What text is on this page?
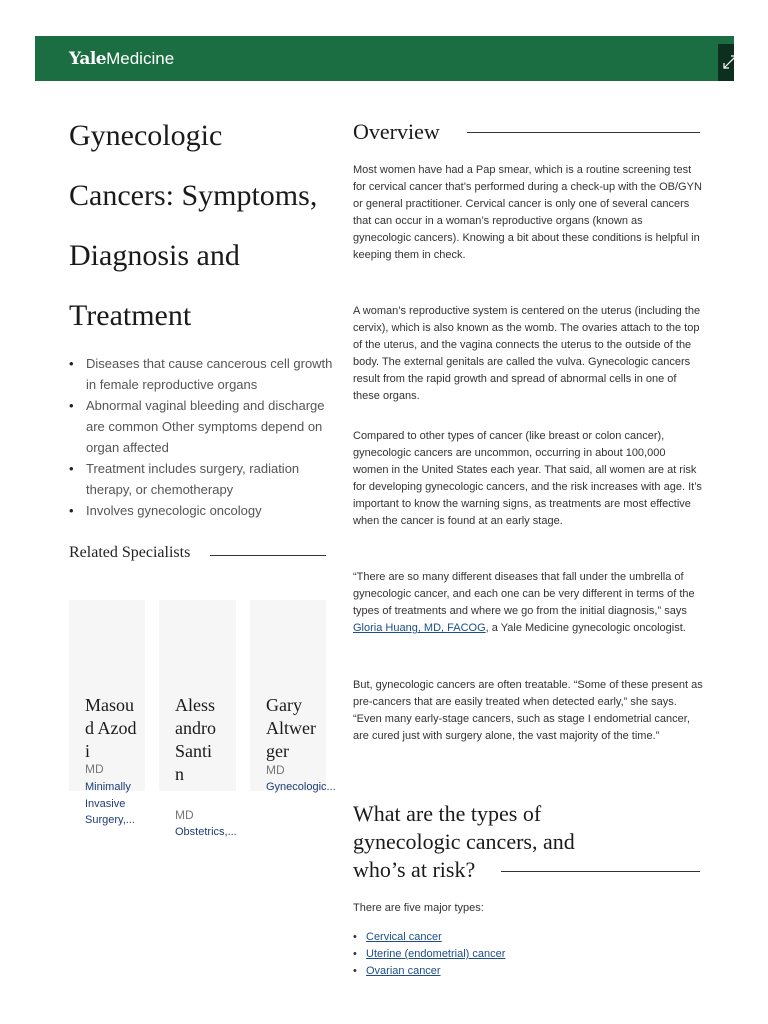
YaleMedicine
Gynecologic Cancers: Symptoms, Diagnosis and Treatment
• Diseases that cause cancerous cell growth in female reproductive organs
• Abnormal vaginal bleeding and discharge are common Other symptoms depend on organ affected
• Treatment includes surgery, radiation therapy, or chemotherapy
• Involves gynecologic oncology
Related Specialists

Masoud Azodi

MD
Minimally Invasive Surgery,...

Alessandro Santin

MD
Obstetrics,...

Gary Altwerger

MD
Gynecologic...
Overview

Most women have had a Pap smear, which is a routine screening test for cervical cancer that’s performed during a check-up with the OB/GYN or general practitioner. Cervical cancer is only one of several cancers that can occur in a woman’s reproductive organs (known as gynecologic cancers). Knowing a bit about these conditions is helpful in keeping them in check.

A woman’s reproductive system is centered on the uterus (including the cervix), which is also known as the womb. The ovaries attach to the top of the uterus, and the vagina connects the uterus to the outside of the body. The external genitals are called the vulva. Gynecologic cancers result from the rapid growth and spread of abnormal cells in one of these organs.

Compared to other types of cancer (like breast or colon cancer), gynecologic cancers are uncommon, occurring in about 100,000 women in the United States each year. That said, all women are at risk for developing gynecologic cancers, and the risk increases with age. It’s important to know the warning signs, as treatments are most effective when the cancer is found at an early stage.

“There are so many different diseases that fall under the umbrella of gynecologic cancer, and each one can be very different in terms of the types of treatments and where we go from the initial diagnosis,” says Gloria Huang, MD, FACOG, a Yale Medicine gynecologic oncologist.

But, gynecologic cancers are often treatable. “Some of these present as pre-cancers that are easily treated when detected early,” she says. “Even many early-stage cancers, such as stage I endometrial cancer, are cured just with surgery alone, the vast majority of the time.”

What are the types of gynecologic cancers, and who’s at risk?

There are five major types:

• Cervical cancer
• Uterine (endometrial) cancer
• Ovarian cancer
